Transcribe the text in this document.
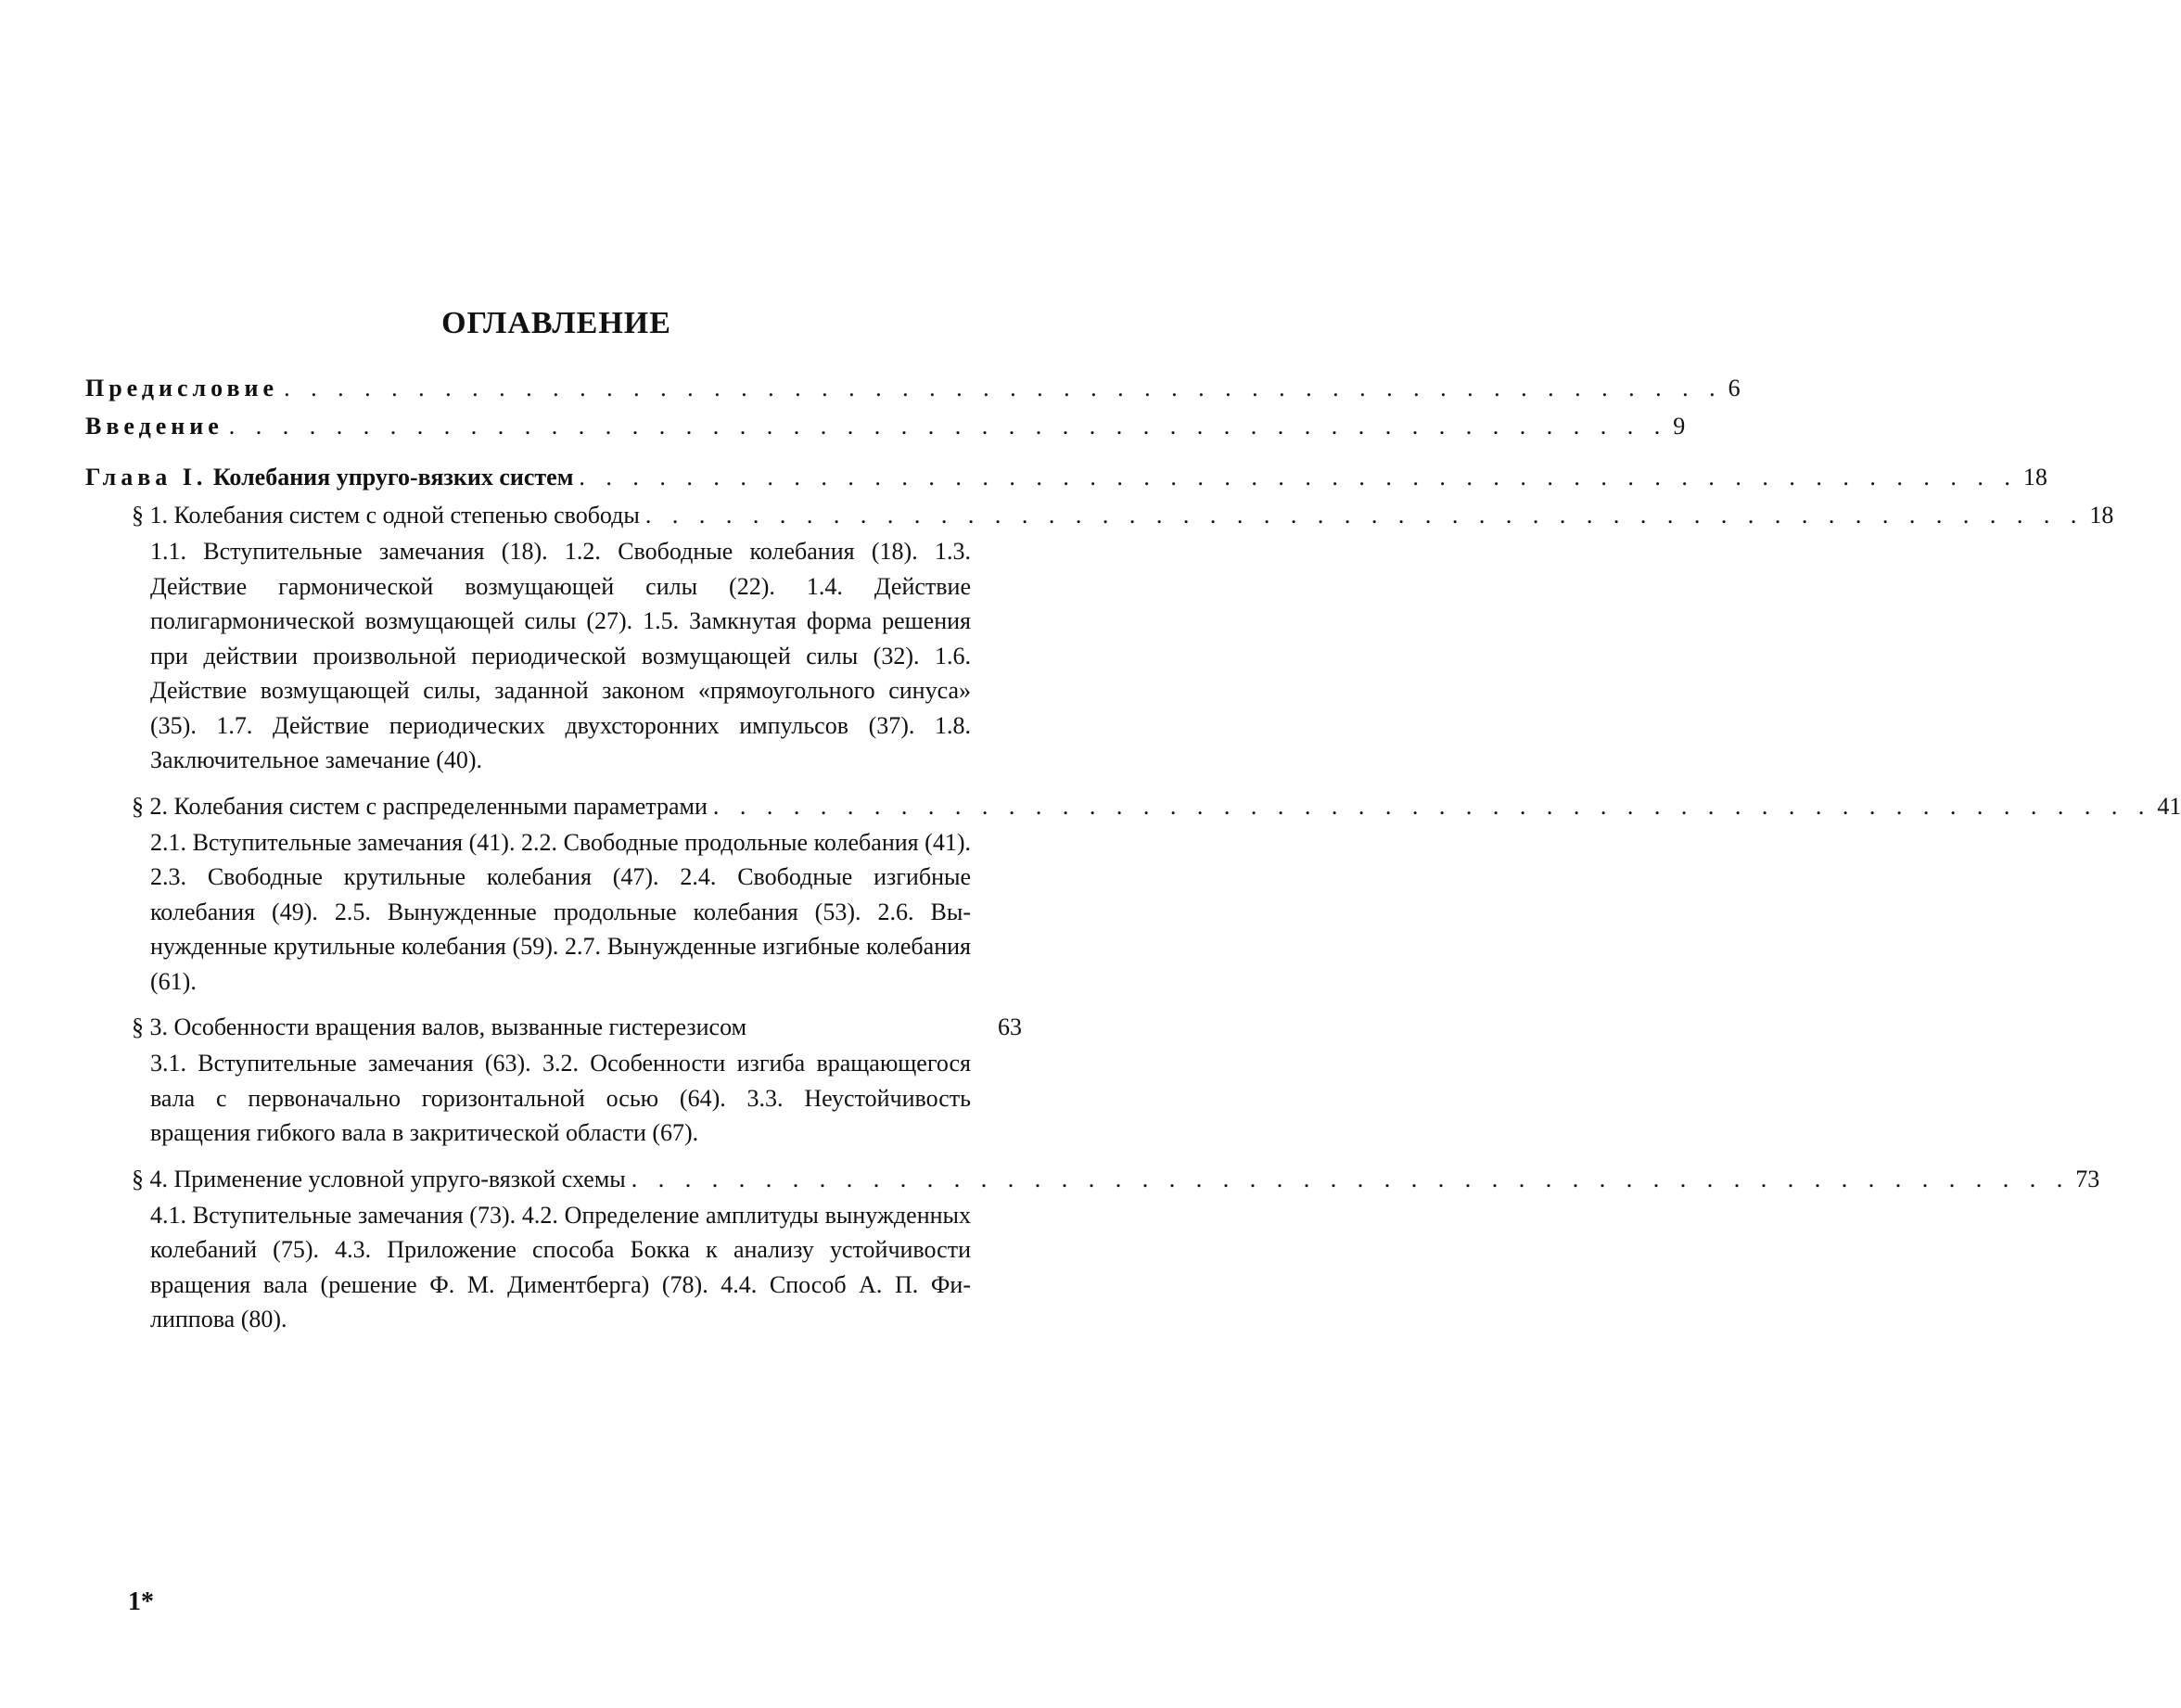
ОГЛАВЛЕНИЕ
Предисловие . . . . . . . . . . . . . . . . . . . . . . . . . . . . . . . . . . . . . . . . . . . . . . . . . . . . . . 6
Введение . . . . . . . . . . . . . . . . . . . . . . . . . . . . . . . . . . . . . . . . . . . . . . . . . . . . . . 9
Глава I. Колебания упруго-вязких систем . . . . . . . . . . . . . . . . . . . . . . . . . . . . . . . . . . . . . . . . . . . . . . . . . . . . . . 18
§ 1. Колебания систем с одной степенью свободы . . . . . . . . . . . . . . . . . . . . . . . . . . . . . . . . . . . . . . . . . . . . . . . . . . . . . . 18
1.1. Вступительные замечания (18). 1.2. Свободные коле­бания (18). 1.3. Действие гармонической возмущающей силы (22). 1.4. Действие полигармонической возмущаю­щей силы (27). 1.5. Замкнутая форма решения при дей­ствии произвольной периодической возмущающей си­лы (32). 1.6. Действие возмущающей силы, заданной за­коном «прямоугольного синуса» (35). 1.7. Действие пери­одических двухсторонних импульсов (37). 1.8. Заключи­тельное замечание (40).
§ 2. Колебания систем с распределенными параметрами . . . . . . . . . . . . . . . . . . . . . . . . . . . . . . . . . . . . . . . . . . . . . . . . . . . . . . 41
2.1. Вступительные замечания (41). 2.2. Свободные про­дольные колебания (41). 2.3. Свободные крутильные коле­бания (47). 2.4. Свободные изгибные колебания (49). 2.5. Вынужденные продольные колебания (53). 2.6. Вы­нужденные крутильные колебания (59). 2.7. Вынужденные изгибные колебания (61).
§ 3. Особенности вращения валов, вызванные гистерезисом	63
3.1. Вступительные замечания (63). 3.2. Особенности из­гиба вращающегося вала с первоначально горизонтальной осью (64). 3.3. Неустойчивость вращения гибкого вала в закритической области (67).
§ 4. Применение условной упруго-вязкой схемы . . . . . . . . . . . . . . . . . . . . . . . . . . . . . . . . . . . . . . . . . . . . . . . . . . . . . . 73
4.1. Вступительные замечания (73). 4.2. Определение амплитуды вынужденных колебаний (75). 4.3. Приложение способа Бокка к анализу устойчивости вращения вала (решение Ф. М. Диментберга) (78). 4.4. Способ А. П. Фи­липпова (80).
1*
